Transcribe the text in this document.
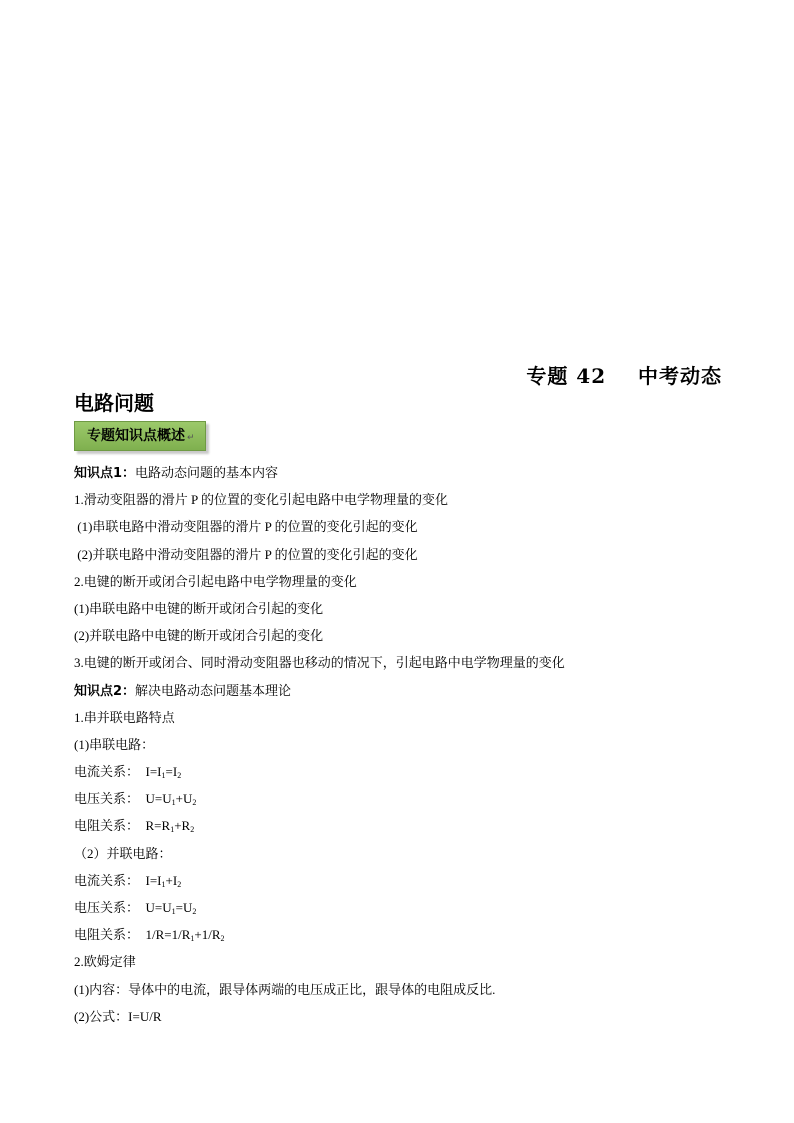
专题 42    中考动态
电路问题
专题知识点概述 ↵
知识点1：电路动态问题的基本内容
1.滑动变阻器的滑片 P 的位置的变化引起电路中电学物理量的变化
(1)串联电路中滑动变阻器的滑片 P 的位置的变化引起的变化
(2)并联电路中滑动变阻器的滑片 P 的位置的变化引起的变化
2.电键的断开或闭合引起电路中电学物理量的变化
(1)串联电路中电键的断开或闭合引起的变化
(2)并联电路中电键的断开或闭合引起的变化
3.电键的断开或闭合、同时滑动变阻器也移动的情况下，引起电路中电学物理量的变化
知识点2：解决电路动态问题基本理论
1.串并联电路特点
(1)串联电路：
电流关系： $I=I_1=I_2$
电压关系： $U=U_1+U_2$
电阻关系： $R=R_1+R_2$
（2）并联电路：
电流关系： $I=I_1+I_2$
电压关系： $U=U_1=U_2$
电阻关系： $1/R=1/R_1+1/R_2$
2.欧姆定律
(1)内容：导体中的电流，跟导体两端的电压成正比，跟导体的电阻成反比.
(2)公式：I=U/R
